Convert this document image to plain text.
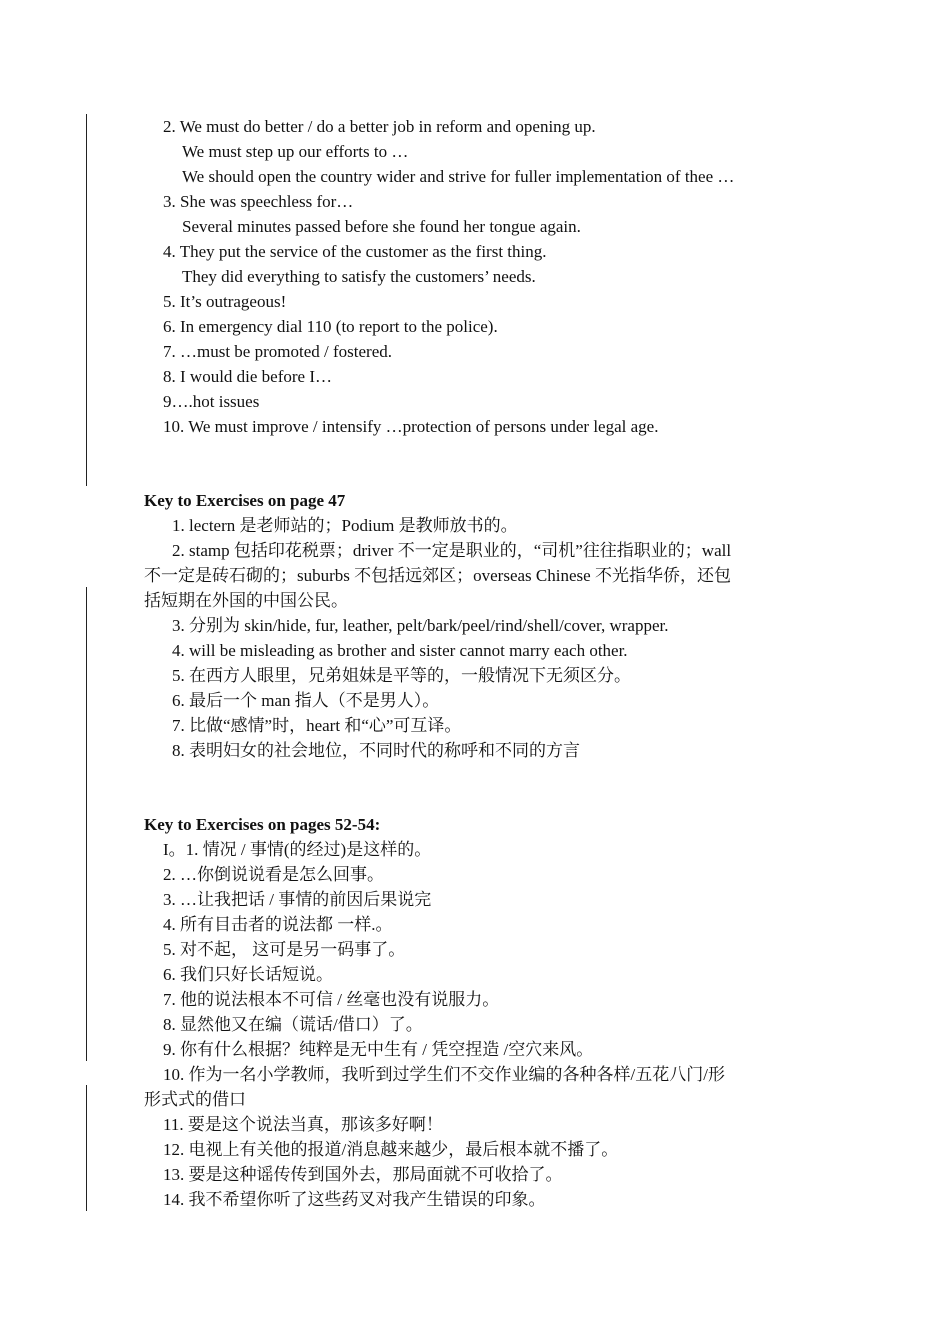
2. We must do better / do a better job in reform and opening up.
We must step up our efforts to …
We should open the country wider and strive for fuller implementation of thee …
3. She was speechless for…
Several minutes passed before she found her tongue again.
4. They put the service of the customer as the first thing.
They did everything to satisfy the customers’ needs.
5. It’s outrageous!
6. In emergency dial 110 (to report to the police).
7. …must be promoted / fostered.
8. I would die before I…
9….hot issues
10. We must improve / intensify …protection of persons under legal age.
Key to Exercises on page 47
1. lectern 是老师站的；Podium 是教师放书的。
2. stamp 包括印花税票；driver 不一定是职业的，“司机”往往指职业的；wall
不一定是砖石砌的；suburbs 不包括远郊区；overseas Chinese 不光指华侨，还包
括短期在外国的中国公民。
3. 分别为 skin/hide, fur, leather, pelt/bark/peel/rind/shell/cover, wrapper.
4. will be misleading as brother and sister cannot marry each other.
5. 在西方人眼里，兄弟姐妹是平等的，一般情况下无须区分。
6. 最后一个 man 指人（不是男人）。
7. 比做“感情”时，heart 和“心”可互译。
8. 表明妇女的社会地位，不同时代的称呼和不同的方言
Key to Exercises on pages 52-54:
I。1. 情况 / 事情(的经过)是这样的。
2. …你倒说说看是怎么回事。
3. …让我把话 / 事情的前因后果说完
4. 所有目击者的说法都 一样.。
5. 对不起， 这可是另一码事了。
6. 我们只好长话短说。
7. 他的说法根本不可信 / 丝毫也没有说服力。
8. 显然他又在编（谎话/借口）了。
9. 你有什么根据？纯粹是无中生有 / 凭空捏造 /空穴来风。
10. 作为一名小学教师，我听到过学生们不交作业编的各种各样/五花八门/形
形式式的借口
11. 要是这个说法当真，那该多好啊！
12. 电视上有关他的报道/消息越来越少，最后根本就不播了。
13. 要是这种谣传传到国外去，那局面就不可收拾了。
14. 我不希望你听了这些药叉对我产生错误的印象。
